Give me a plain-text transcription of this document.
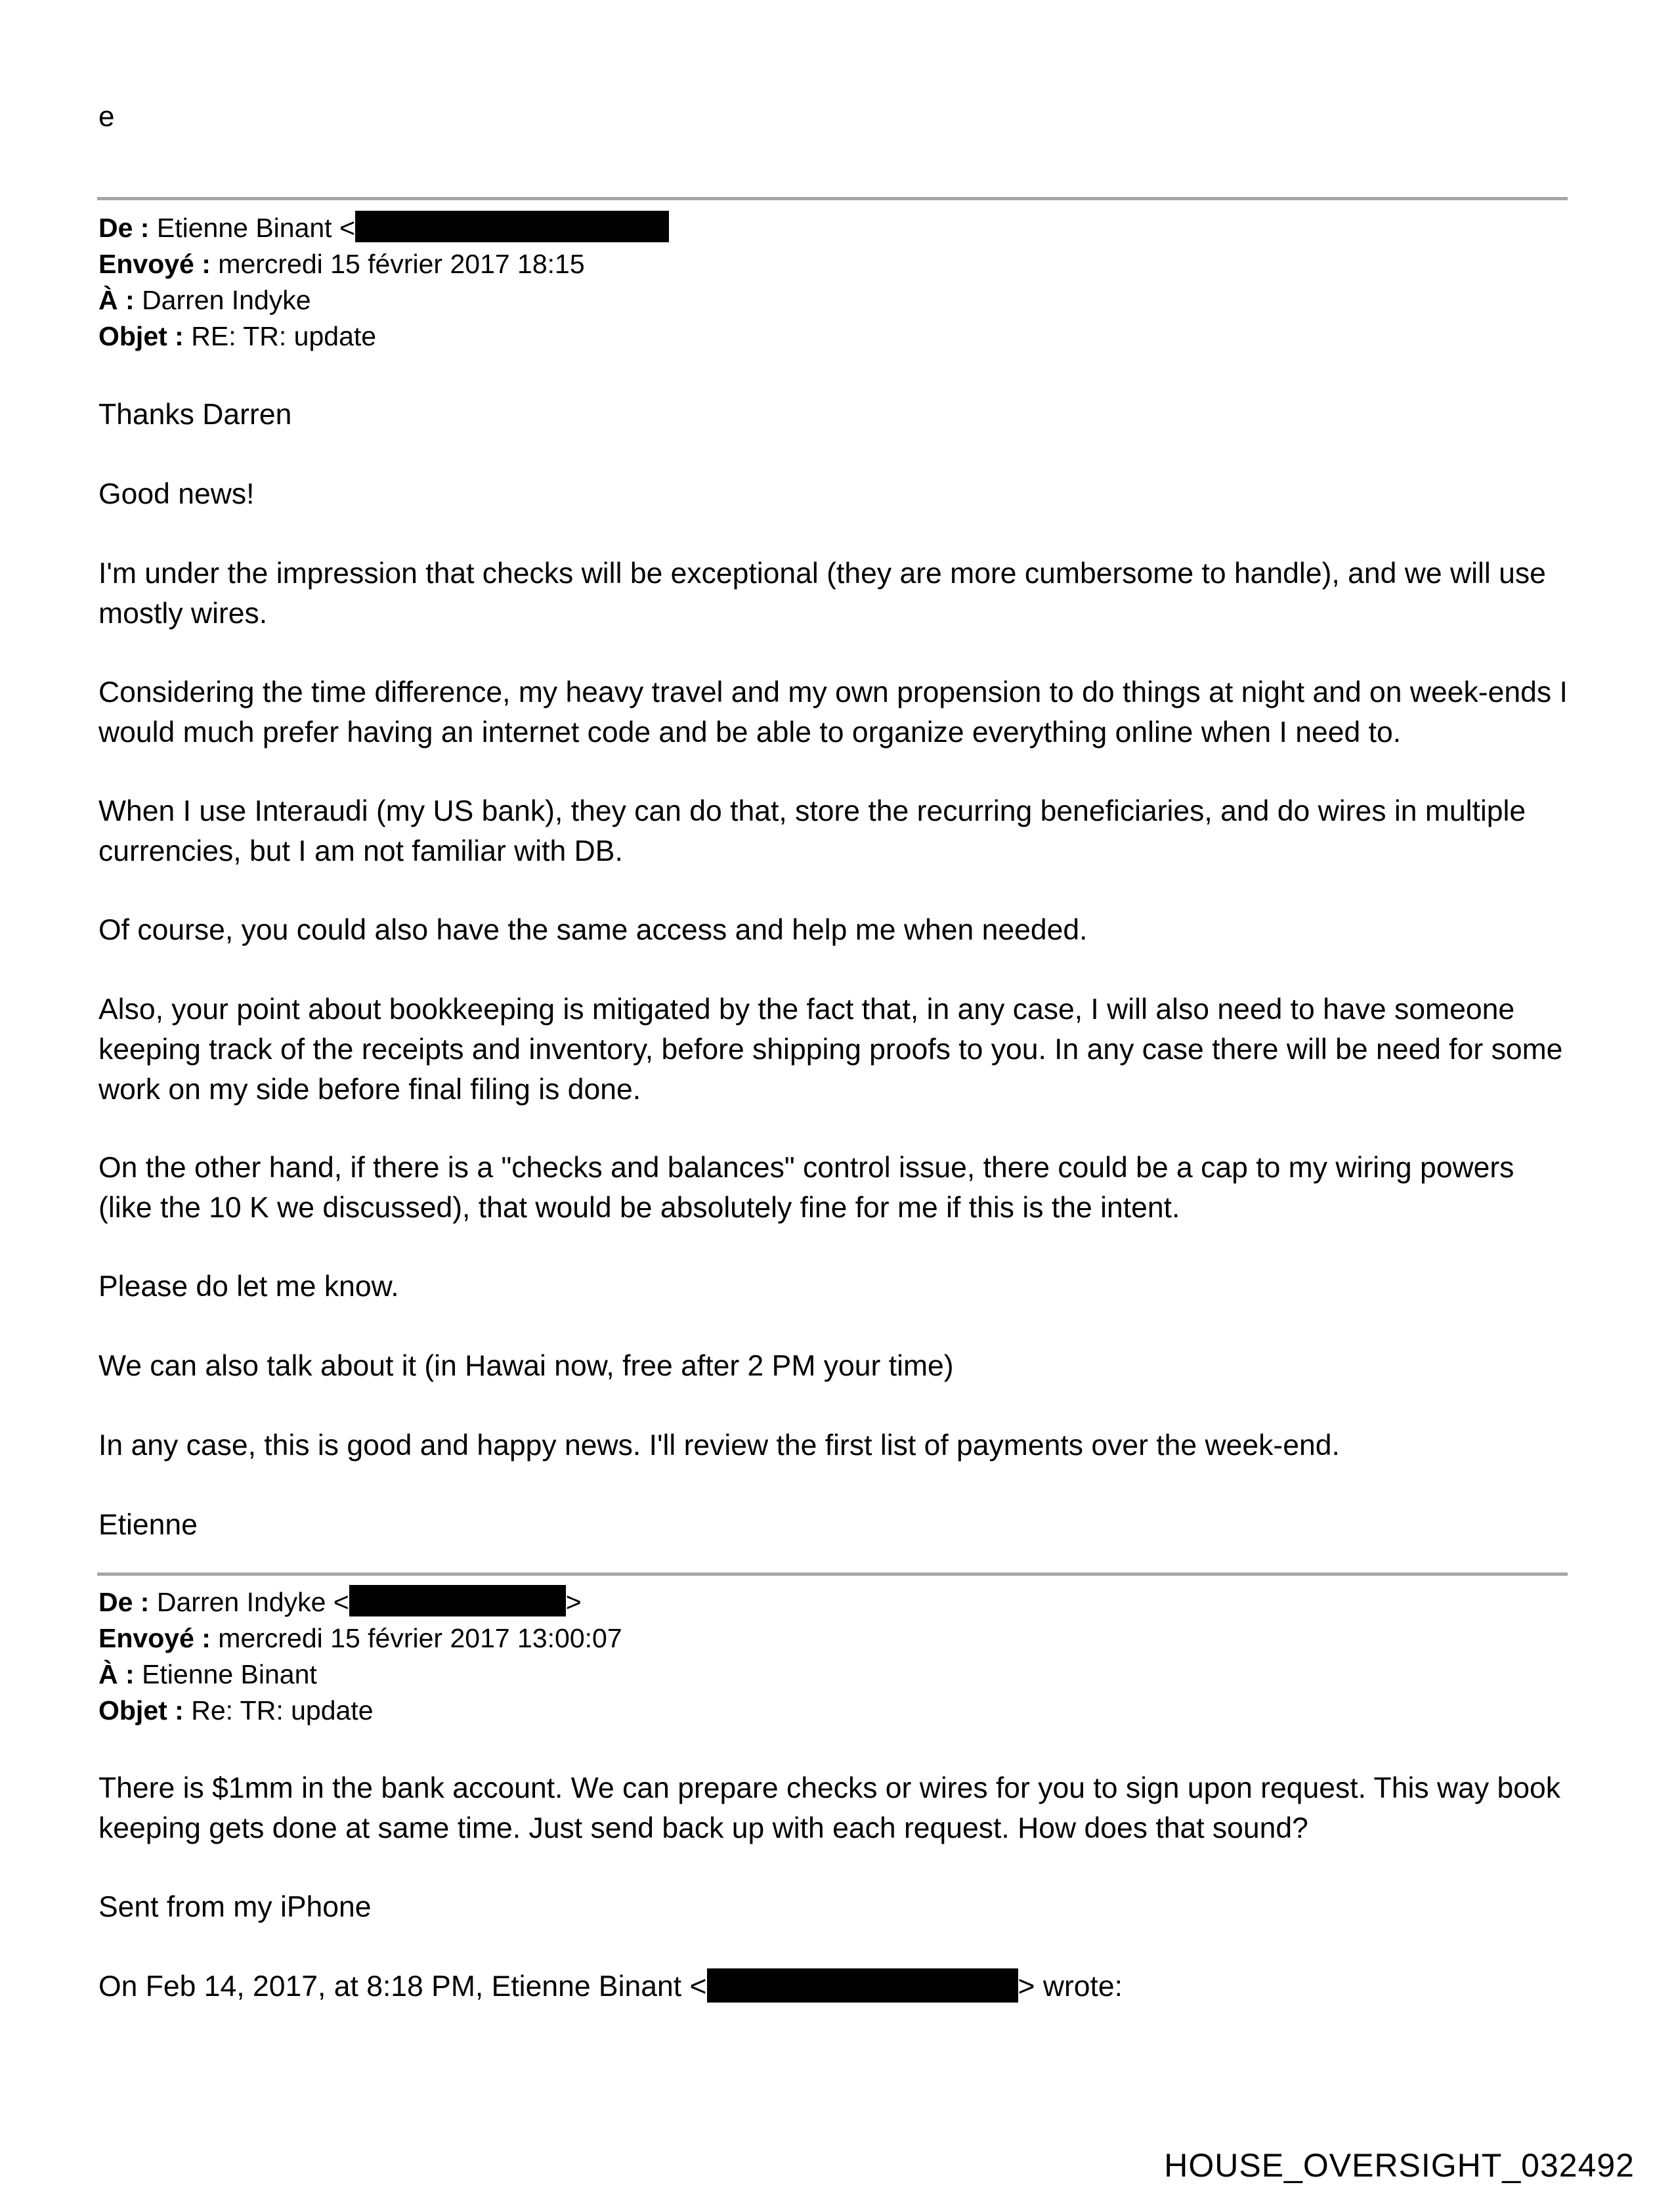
e
De : Etienne Binant <
Envoyé : mercredi 15 février 2017 18:15
À : Darren Indyke
Objet : RE: TR: update

Thanks Darren

Good news!

I'm under the impression that checks will be exceptional (they are more cumbersome to handle), and we will use mostly wires.

Considering the time difference, my heavy travel and my own propension to do things at night and on week-ends I would much prefer having an internet code and be able to organize everything online when I need to.

When I use Interaudi (my US bank), they can do that, store the recurring beneficiaries, and do wires in multiple currencies, but I am not familiar with DB.

Of course, you could also have the same access and help me when needed.

Also, your point about bookkeeping is mitigated by the fact that, in any case, I will also need to have someone keeping track of the receipts and inventory, before shipping proofs to you. In any case there will be need for some work on my side before final filing is done.

On the other hand, if there is a "checks and balances" control issue, there could be a cap to my wiring powers (like the 10 K we discussed), that would be absolutely fine for me if this is the intent.

Please do let me know.

We can also talk about it (in Hawai now, free after 2 PM your time)

In any case, this is good and happy news. I'll review the first list of payments over the week-end.

Etienne

De : Darren Indyke <	>
Envoyé : mercredi 15 février 2017 13:00:07
À : Etienne Binant
Objet : Re: TR: update

There is $1mm in the bank account. We can prepare checks or wires for you to sign upon request. This way book keeping gets done at same time. Just send back up with each request. How does that sound?

Sent from my iPhone

On Feb 14, 2017, at 8:18 PM, Etienne Binant <	> wrote:
HOUSE_OVERSIGHT_032492
